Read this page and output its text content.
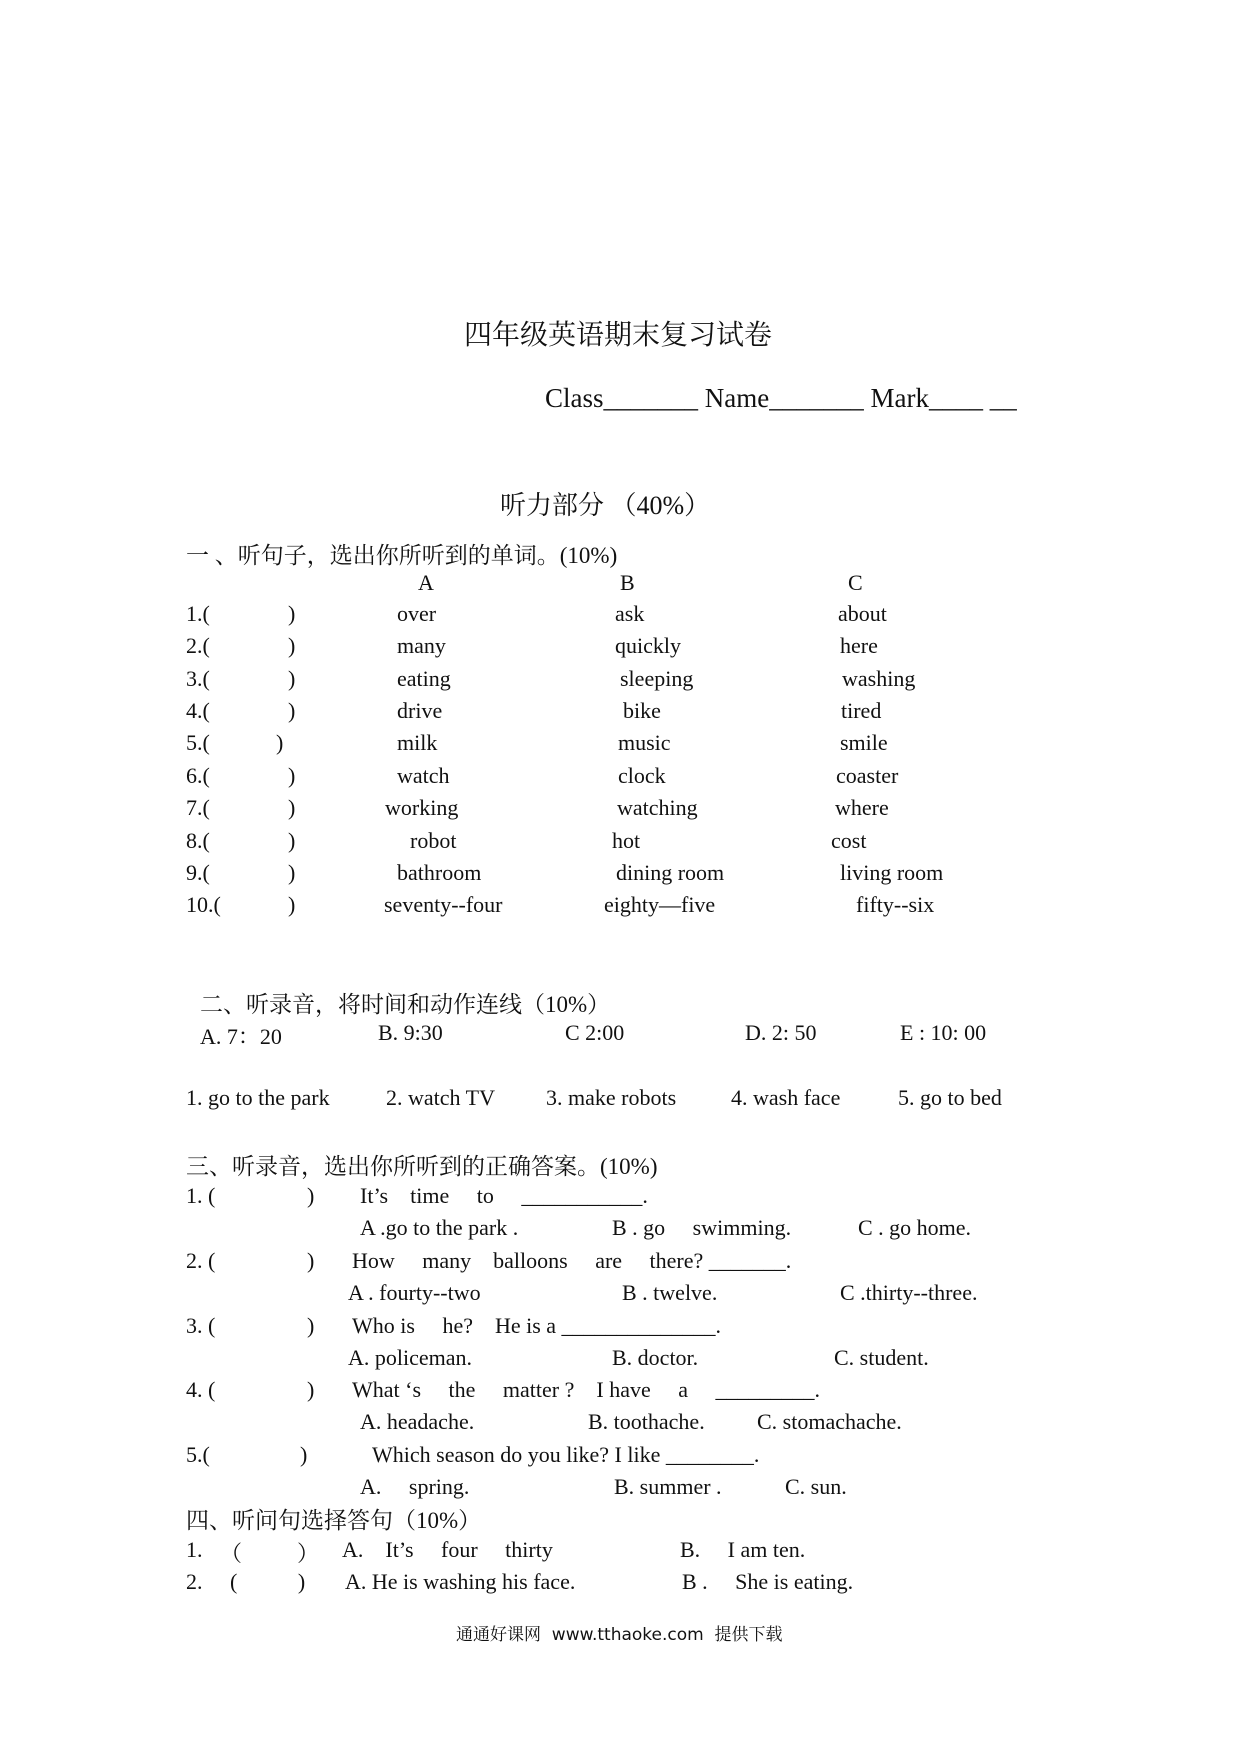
四年级英语期末复习试卷
Class_______ Name_______ Mark____ __
听力部分 （40%）
一 、听句子，选出你所听到的单词。(10%)
A	B	C
1.(	)	over	ask	about
2.(	)	many	quickly	here
3.(	)	eating	sleeping	washing
4.(	)	drive	bike	tired
5.(	)	milk	music	smile
6.(	)	watch	clock	coaster
7.(	)	working	watching	where
8.(	)	robot	hot	cost
9.(	)	bathroom	dining room	living room
10.(	)	seventy--four	eighty—five	fifty--six
二、听录音，将时间和动作连线（10%）
A. 7：20	B. 9:30	C 2:00	D. 2: 50	E : 10: 00
1. go to the park	2. watch TV 3. make robots 4. wash face	5. go to bed
三、听录音，选出你所听到的正确答案。(10%)
1. (	) It’s    time     to     ___________.
A .go to the park .	B . go     swimming.	C . go home.
2. (	) How     many    balloons     are     there? _______.
A . fourty--two	B . twelve.	C .thirty--three.
3. (	) Who is     he?    He is a ______________.
A. policeman.	B. doctor.	C. student.
4. (	) What ‘s     the     matter ?    I have     a     _________.
A. headache.	B. toothache. C. stomachache.
5.(	)	Which season do you like? I like ________.
A.     spring.	B. summer .	C. sun.
四、听问句选择答句（10%）
1. （          ） A.    It’s     four     thirty	B.     I am ten.
2. (           ) A. He is washing his face.	B .     She is eating.
通通好课网  www.tthaoke.com  提供下载
